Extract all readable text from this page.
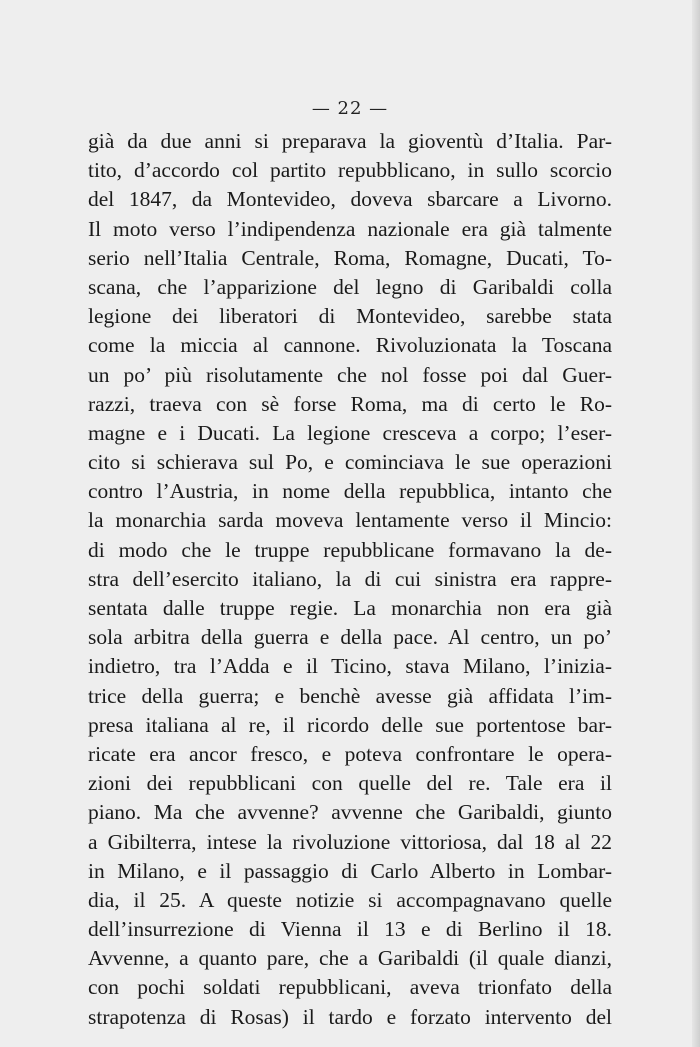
— 22 —
già da due anni si preparava la gioventù d’Italia. Par-
tito, d’accordo col partito repubblicano, in sullo scorcio
del 1847, da Montevideo, doveva sbarcare a Livorno.
Il moto verso l’indipendenza nazionale era già talmente
serio nell’Italia Centrale, Roma, Romagne, Ducati, To-
scana, che l’apparizione del legno di Garibaldi colla
legione dei liberatori di Montevideo, sarebbe stata
come la miccia al cannone. Rivoluzionata la Toscana
un po’ più risolutamente che nol fosse poi dal Guer-
razzi, traeva con sè forse Roma, ma di certo le Ro-
magne e i Ducati. La legione cresceva a corpo; l’eser-
cito si schierava sul Po, e cominciava le sue operazioni
contro l’Austria, in nome della repubblica, intanto che
la monarchia sarda moveva lentamente verso il Mincio:
di modo che le truppe repubblicane formavano la de-
stra dell’esercito italiano, la di cui sinistra era rappre-
sentata dalle truppe regie. La monarchia non era già
sola arbitra della guerra e della pace. Al centro, un po’
indietro, tra l’Adda e il Ticino, stava Milano, l’inizia-
trice della guerra; e benchè avesse già affidata l’im-
presa italiana al re, il ricordo delle sue portentose bar-
ricate era ancor fresco, e poteva confrontare le opera-
zioni dei repubblicani con quelle del re. Tale era il
piano. Ma che avvenne? avvenne che Garibaldi, giunto
a Gibilterra, intese la rivoluzione vittoriosa, dal 18 al 22
in Milano, e il passaggio di Carlo Alberto in Lombar-
dia, il 25. A queste notizie si accompagnavano quelle
dell’insurrezione di Vienna il 13 e di Berlino il 18.
Avvenne, a quanto pare, che a Garibaldi (il quale dianzi,
con pochi soldati repubblicani, aveva trionfato della
strapotenza di Rosas) il tardo e forzato intervento del
